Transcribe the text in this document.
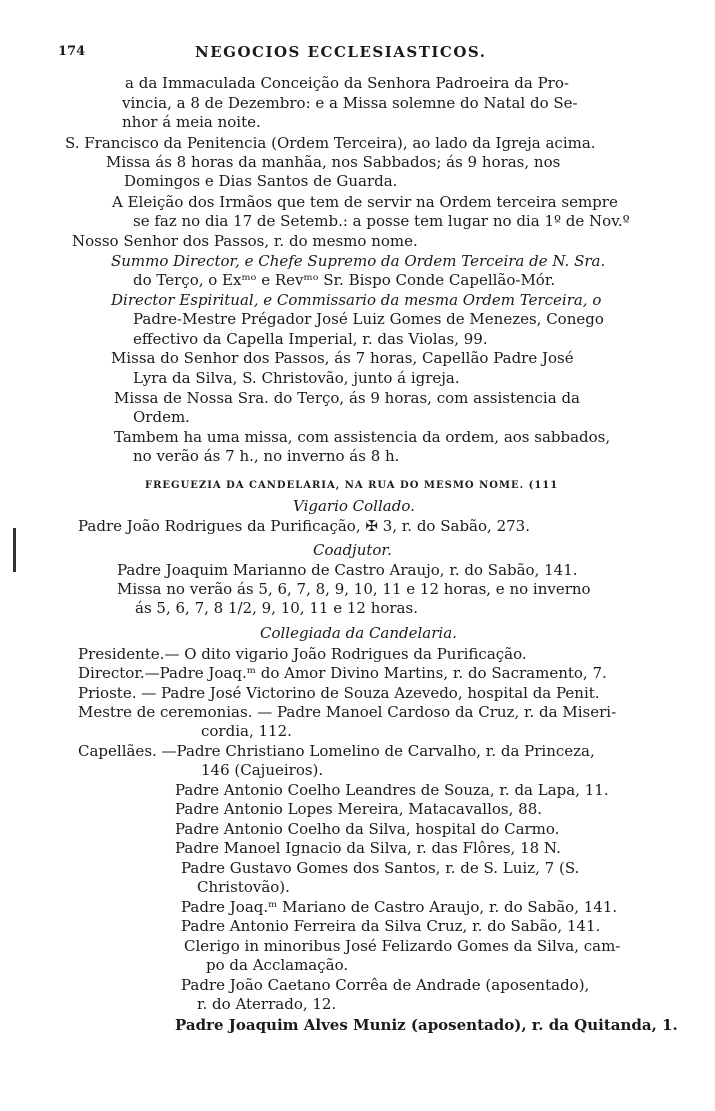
174	NEGOCIOS ECCLESIASTICOS.
a da Immaculada Conceição da Senhora Padroeira da Pro-
vincia, a 8 de Dezembro: e a Missa solemne do Natal do Se-
nhor á meia noite.
S. Francisco da Penitencia (Ordem Terceira), ao lado da Igreja acima.
Missa ás 8 horas da manhãa, nos Sabbados; ás 9 horas, nos
Domingos e Dias Santos de Guarda.
A Eleição dos Irmãos que tem de servir na Ordem terceira sempre
se faz no dia 17 de Setemb.: a posse tem lugar no dia 1º de Nov.º
Nosso Senhor dos Passos, r. do mesmo nome.
Summo Director, e Chefe Supremo da Ordem Terceira de N. Sra.
do Terço, o Exᵐᵒ e Revᵐᵒ Sr. Bispo Conde Capellão-Mór.
Director Espiritual, e Commissario da mesma Ordem Terceira, o
Padre-Mestre Prégador José Luiz Gomes de Menezes, Conego
effectivo da Capella Imperial, r. das Violas, 99.
Missa do Senhor dos Passos, ás 7 horas, Capellão Padre José
Lyra da Silva, S. Christovão, junto á igreja.
Missa de Nossa Sra. do Terço, ás 9 horas, com assistencia da
Ordem.
Tambem ha uma missa, com assistencia da ordem, aos sabbados,
no verão ás 7 h., no inverno ás 8 h.
FREGUEZIA DA CANDELARIA, NA RUA DO MESMO NOME. (111
Vigario Collado.
Padre João Rodrigues da Purificação, ✠ 3, r. do Sabão, 273.
Coadjutor.
Padre Joaquim Marianno de Castro Araujo, r. do Sabão, 141.
Missa no verão ás 5, 6, 7, 8, 9, 10, 11 e 12 horas, e no inverno
ás 5, 6, 7, 8 1/2, 9, 10, 11 e 12 horas.
Collegiada da Candelaria.
Presidente.— O dito vigario João Rodrigues da Purificação.
Director.—Padre Joaq.ᵐ do Amor Divino Martins, r. do Sacramento, 7.
Prioste. — Padre José Victorino de Souza Azevedo, hospital da Penit.
Mestre de ceremonias. — Padre Manoel Cardoso da Cruz, r. da Miseri-
cordia, 112.
Capellães. —Padre Christiano Lomelino de Carvalho, r. da Princeza,
146 (Cajueiros).
Padre Antonio Coelho Leandres de Souza, r. da Lapa, 11.
Padre Antonio Lopes Mereira, Matacavallos, 88.
Padre Antonio Coelho da Silva, hospital do Carmo.
Padre Manoel Ignacio da Silva, r. das Flôres, 18 N.
Padre Gustavo Gomes dos Santos, r. de S. Luiz, 7 (S.
Christovão).
Padre Joaq.ᵐ Mariano de Castro Araujo, r. do Sabão, 141.
Padre Antonio Ferreira da Silva Cruz, r. do Sabão, 141.
Clerigo in minoribus José Felizardo Gomes da Silva, cam-
po da Acclamação.
Padre João Caetano Corrêa de Andrade (aposentado),
r. do Aterrado, 12.
Padre Joaquim Alves Muniz (aposentado), r. da Quitanda, 1.
